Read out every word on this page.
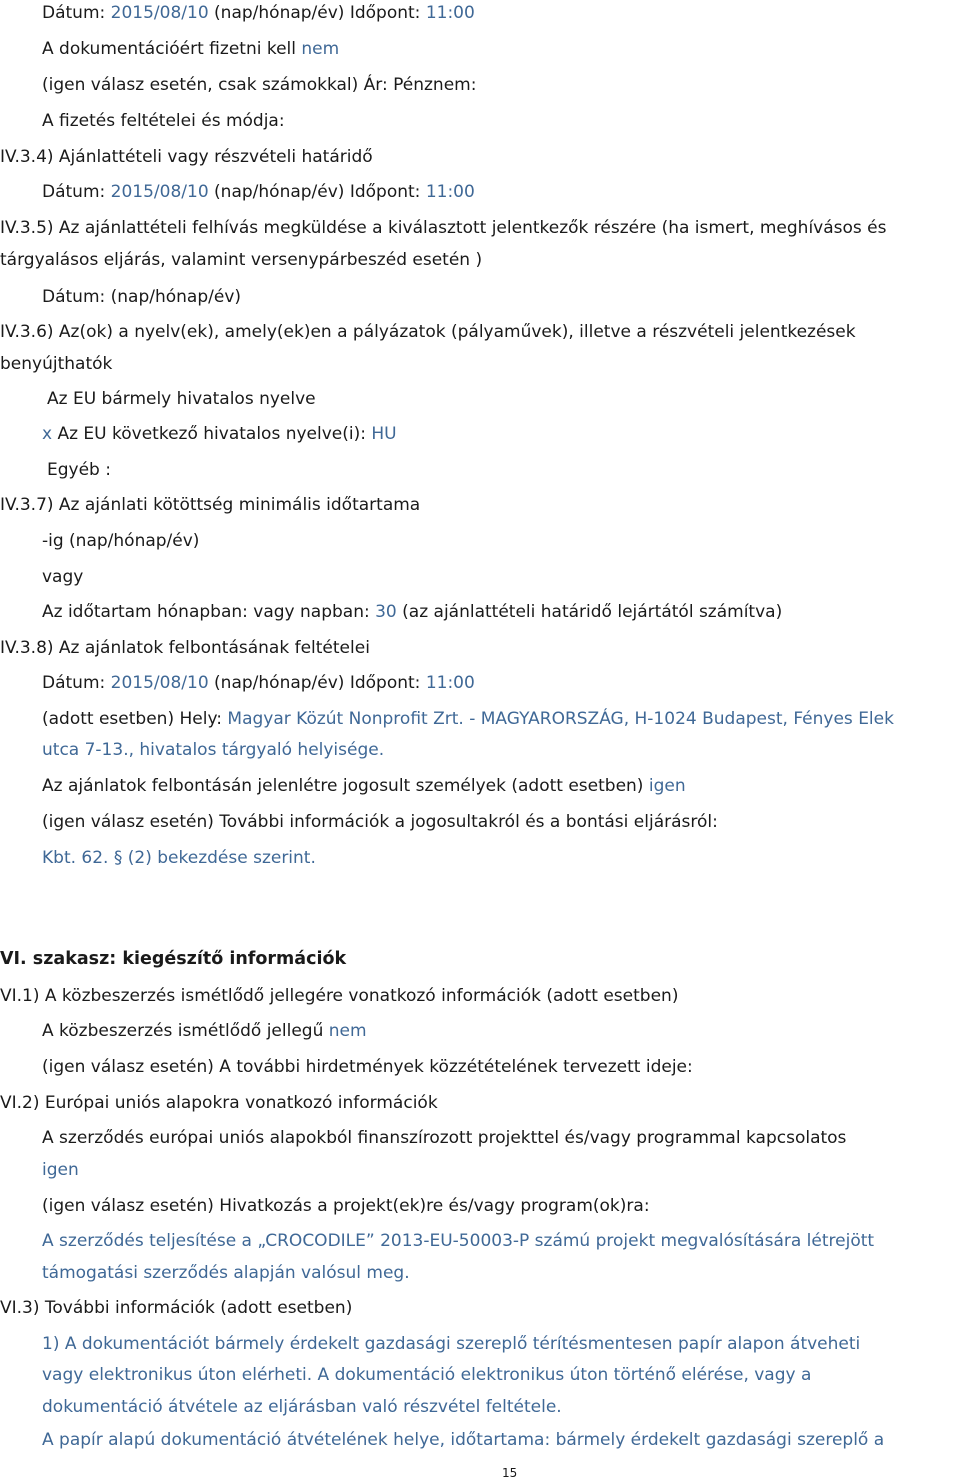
Dátum: 2015/08/10 (nap/hónap/év) Időpont: 11:00
A dokumentációért fizetni kell nem
(igen válasz esetén, csak számokkal) Ár: Pénznem:
A fizetés feltételei és módja:
IV.3.4) Ajánlattételi vagy részvételi határidő
Dátum: 2015/08/10 (nap/hónap/év) Időpont: 11:00
IV.3.5) Az ajánlattételi felhívás megküldése a kiválasztott jelentkezők részére (ha ismert, meghívásos és
tárgyalásos eljárás, valamint versenypárbeszéd esetén )
Dátum: (nap/hónap/év)
IV.3.6) Az(ok) a nyelv(ek), amely(ek)en a pályázatok (pályaművek), illetve a részvételi jelentkezések
benyújthatók
Az EU bármely hivatalos nyelve
x Az EU következő hivatalos nyelve(i): HU
Egyéb :
IV.3.7) Az ajánlati kötöttség minimális időtartama
-ig (nap/hónap/év)
vagy
Az időtartam hónapban: vagy napban: 30 (az ajánlattételi határidő lejártától számítva)
IV.3.8) Az ajánlatok felbontásának feltételei
Dátum: 2015/08/10 (nap/hónap/év) Időpont: 11:00
(adott esetben) Hely: Magyar Közút Nonprofit Zrt. - MAGYARORSZÁG, H-1024 Budapest, Fényes Elek
utca 7-13., hivatalos tárgyaló helyisége.
Az ajánlatok felbontásán jelenlétre jogosult személyek (adott esetben) igen
(igen válasz esetén) További információk a jogosultakról és a bontási eljárásról:
Kbt. 62. § (2) bekezdése szerint.
VI. szakasz: kiegészítő információk
VI.1) A közbeszerzés ismétlődő jellegére vonatkozó információk (adott esetben)
A közbeszerzés ismétlődő jellegű nem
(igen válasz esetén) A további hirdetmények közzétételének tervezett ideje:
VI.2) Európai uniós alapokra vonatkozó információk
A szerződés európai uniós alapokból finanszírozott projekttel és/vagy programmal kapcsolatos
igen
(igen válasz esetén) Hivatkozás a projekt(ek)re és/vagy program(ok)ra:
A szerződés teljesítése a „CROCODILE” 2013-EU-50003-P számú projekt megvalósítására létrejött
támogatási szerződés alapján valósul meg.
VI.3) További információk (adott esetben)
1) A dokumentációt bármely érdekelt gazdasági szereplő térítésmentesen papír alapon átveheti
vagy elektronikus úton elérheti. A dokumentáció elektronikus úton történő elérése, vagy a
dokumentáció átvétele az eljárásban való részvétel feltétele.
A papír alapú dokumentáció átvételének helye, időtartama: bármely érdekelt gazdasági szereplő a
15
